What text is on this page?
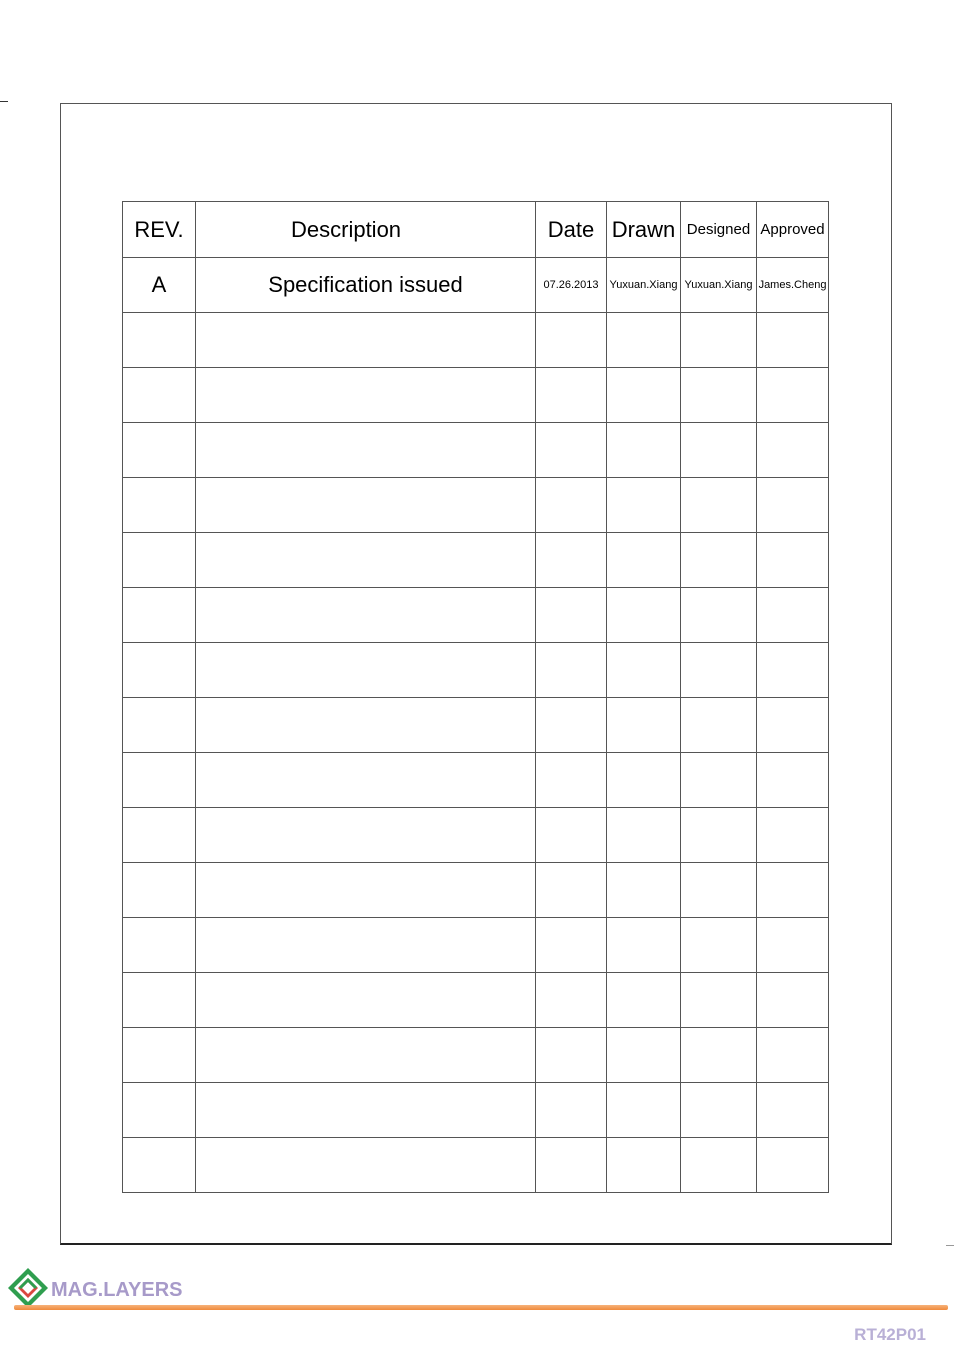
REV.	Description	Date	Drawn	Designed	Approved
A	Specification issued	07.26.2013	Yuxuan.Xiang	Yuxuan.Xiang	James.Cheng

MAG.LAYERS
RT42P01
